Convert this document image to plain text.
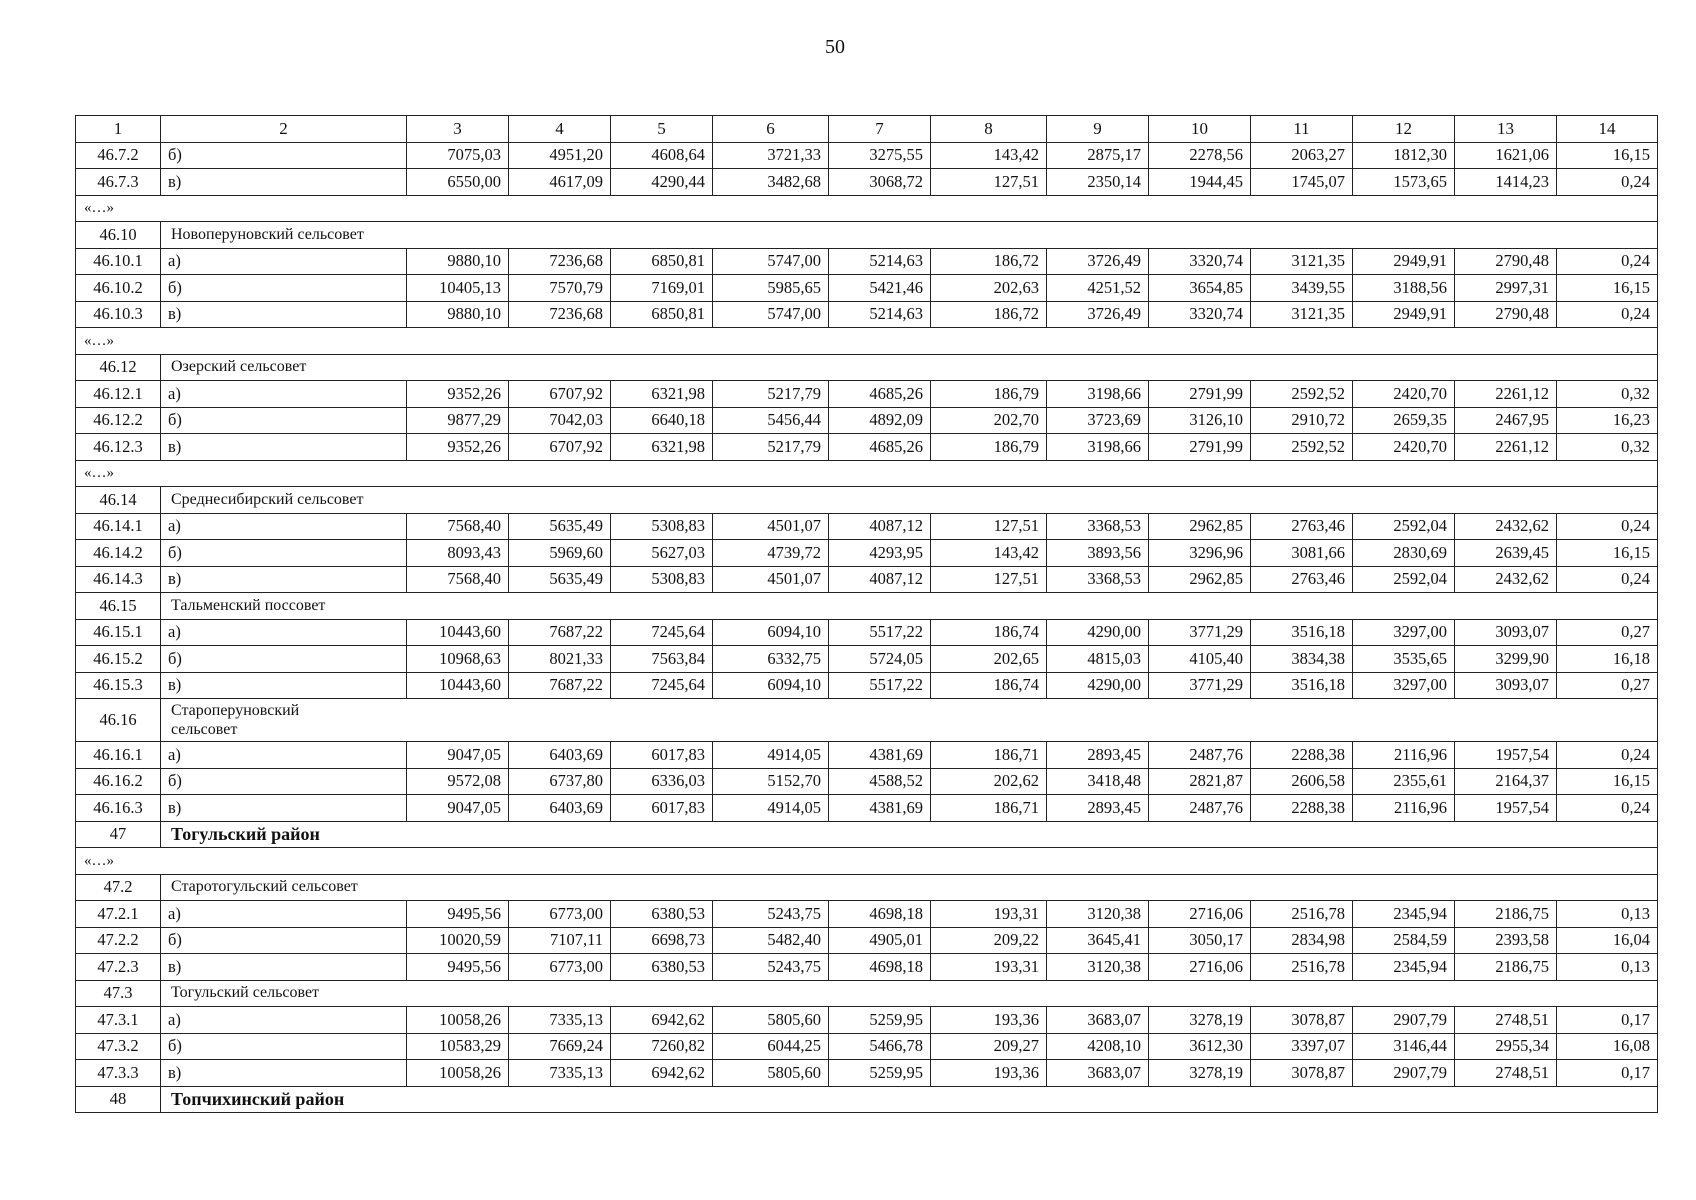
50
1	2	3	4	5	6	7	8	9	10	11	12	13	14
46.7.2	б)	7075,03	4951,20	4608,64	3721,33	3275,55	143,42	2875,17	2278,56	2063,27	1812,30	1621,06	16,15
46.7.3	в)	6550,00	4617,09	4290,44	3482,68	3068,72	127,51	2350,14	1944,45	1745,07	1573,65	1414,23	0,24
«…»													
46.10	Новоперуновский сельсовет												
46.10.1	а)	9880,10	7236,68	6850,81	5747,00	5214,63	186,72	3726,49	3320,74	3121,35	2949,91	2790,48	0,24
46.10.2	б)	10405,13	7570,79	7169,01	5985,65	5421,46	202,63	4251,52	3654,85	3439,55	3188,56	2997,31	16,15
46.10.3	в)	9880,10	7236,68	6850,81	5747,00	5214,63	186,72	3726,49	3320,74	3121,35	2949,91	2790,48	0,24
«…»													
46.12	Озерский сельсовет												
46.12.1	а)	9352,26	6707,92	6321,98	5217,79	4685,26	186,79	3198,66	2791,99	2592,52	2420,70	2261,12	0,32
46.12.2	б)	9877,29	7042,03	6640,18	5456,44	4892,09	202,70	3723,69	3126,10	2910,72	2659,35	2467,95	16,23
46.12.3	в)	9352,26	6707,92	6321,98	5217,79	4685,26	186,79	3198,66	2791,99	2592,52	2420,70	2261,12	0,32
«…»													
46.14	Среднесибирский сельсовет												
46.14.1	а)	7568,40	5635,49	5308,83	4501,07	4087,12	127,51	3368,53	2962,85	2763,46	2592,04	2432,62	0,24
46.14.2	б)	8093,43	5969,60	5627,03	4739,72	4293,95	143,42	3893,56	3296,96	3081,66	2830,69	2639,45	16,15
46.14.3	в)	7568,40	5635,49	5308,83	4501,07	4087,12	127,51	3368,53	2962,85	2763,46	2592,04	2432,62	0,24
46.15	Тальменский поссовет												
46.15.1	а)	10443,60	7687,22	7245,64	6094,10	5517,22	186,74	4290,00	3771,29	3516,18	3297,00	3093,07	0,27
46.15.2	б)	10968,63	8021,33	7563,84	6332,75	5724,05	202,65	4815,03	4105,40	3834,38	3535,65	3299,90	16,18
46.15.3	в)	10443,60	7687,22	7245,64	6094,10	5517,22	186,74	4290,00	3771,29	3516,18	3297,00	3093,07	0,27
46.16	Староперуновский
сельсовет												
46.16.1	а)	9047,05	6403,69	6017,83	4914,05	4381,69	186,71	2893,45	2487,76	2288,38	2116,96	1957,54	0,24
46.16.2	б)	9572,08	6737,80	6336,03	5152,70	4588,52	202,62	3418,48	2821,87	2606,58	2355,61	2164,37	16,15
46.16.3	в)	9047,05	6403,69	6017,83	4914,05	4381,69	186,71	2893,45	2487,76	2288,38	2116,96	1957,54	0,24
47	Тогульский район												
«…»													
47.2	Старотогульский сельсовет												
47.2.1	а)	9495,56	6773,00	6380,53	5243,75	4698,18	193,31	3120,38	2716,06	2516,78	2345,94	2186,75	0,13
47.2.2	б)	10020,59	7107,11	6698,73	5482,40	4905,01	209,22	3645,41	3050,17	2834,98	2584,59	2393,58	16,04
47.2.3	в)	9495,56	6773,00	6380,53	5243,75	4698,18	193,31	3120,38	2716,06	2516,78	2345,94	2186,75	0,13
47.3	Тогульский сельсовет												
47.3.1	а)	10058,26	7335,13	6942,62	5805,60	5259,95	193,36	3683,07	3278,19	3078,87	2907,79	2748,51	0,17
47.3.2	б)	10583,29	7669,24	7260,82	6044,25	5466,78	209,27	4208,10	3612,30	3397,07	3146,44	2955,34	16,08
47.3.3	в)	10058,26	7335,13	6942,62	5805,60	5259,95	193,36	3683,07	3278,19	3078,87	2907,79	2748,51	0,17
48	Топчихинский район												
